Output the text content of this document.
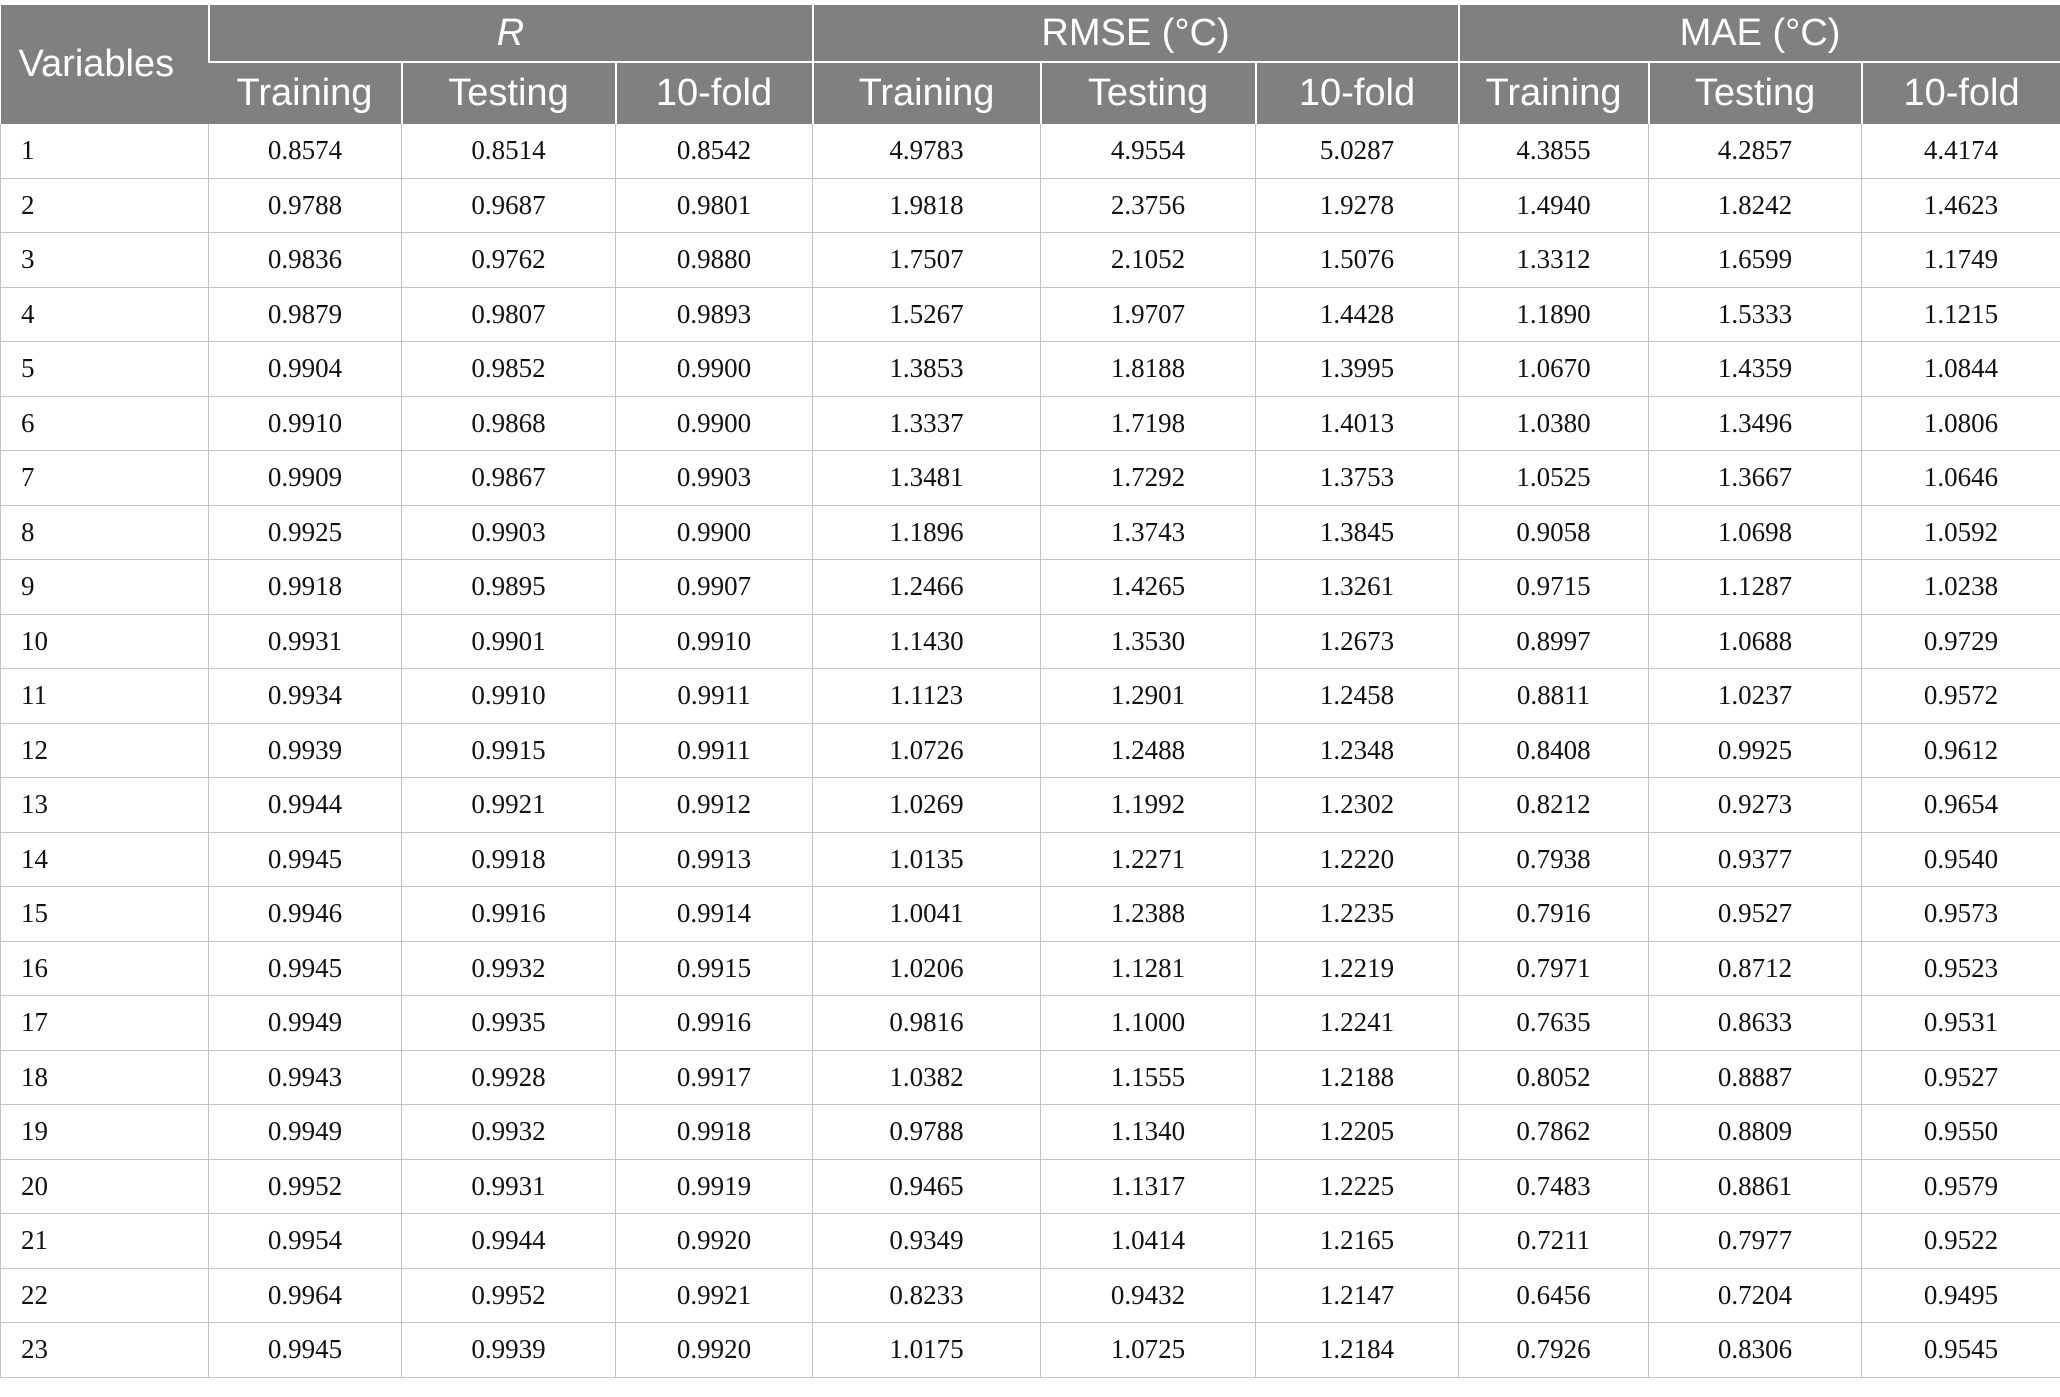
Variables	R			RMSE (°C)			MAE (°C)		
	Training	Testing	10-fold	Training	Testing	10-fold	Training	Testing	10-fold
1	0.8574	0.8514	0.8542	4.9783	4.9554	5.0287	4.3855	4.2857	4.4174
2	0.9788	0.9687	0.9801	1.9818	2.3756	1.9278	1.4940	1.8242	1.4623
3	0.9836	0.9762	0.9880	1.7507	2.1052	1.5076	1.3312	1.6599	1.1749
4	0.9879	0.9807	0.9893	1.5267	1.9707	1.4428	1.1890	1.5333	1.1215
5	0.9904	0.9852	0.9900	1.3853	1.8188	1.3995	1.0670	1.4359	1.0844
6	0.9910	0.9868	0.9900	1.3337	1.7198	1.4013	1.0380	1.3496	1.0806
7	0.9909	0.9867	0.9903	1.3481	1.7292	1.3753	1.0525	1.3667	1.0646
8	0.9925	0.9903	0.9900	1.1896	1.3743	1.3845	0.9058	1.0698	1.0592
9	0.9918	0.9895	0.9907	1.2466	1.4265	1.3261	0.9715	1.1287	1.0238
10	0.9931	0.9901	0.9910	1.1430	1.3530	1.2673	0.8997	1.0688	0.9729
11	0.9934	0.9910	0.9911	1.1123	1.2901	1.2458	0.8811	1.0237	0.9572
12	0.9939	0.9915	0.9911	1.0726	1.2488	1.2348	0.8408	0.9925	0.9612
13	0.9944	0.9921	0.9912	1.0269	1.1992	1.2302	0.8212	0.9273	0.9654
14	0.9945	0.9918	0.9913	1.0135	1.2271	1.2220	0.7938	0.9377	0.9540
15	0.9946	0.9916	0.9914	1.0041	1.2388	1.2235	0.7916	0.9527	0.9573
16	0.9945	0.9932	0.9915	1.0206	1.1281	1.2219	0.7971	0.8712	0.9523
17	0.9949	0.9935	0.9916	0.9816	1.1000	1.2241	0.7635	0.8633	0.9531
18	0.9943	0.9928	0.9917	1.0382	1.1555	1.2188	0.8052	0.8887	0.9527
19	0.9949	0.9932	0.9918	0.9788	1.1340	1.2205	0.7862	0.8809	0.9550
20	0.9952	0.9931	0.9919	0.9465	1.1317	1.2225	0.7483	0.8861	0.9579
21	0.9954	0.9944	0.9920	0.9349	1.0414	1.2165	0.7211	0.7977	0.9522
22	0.9964	0.9952	0.9921	0.8233	0.9432	1.2147	0.6456	0.7204	0.9495
23	0.9945	0.9939	0.9920	1.0175	1.0725	1.2184	0.7926	0.8306	0.9545
